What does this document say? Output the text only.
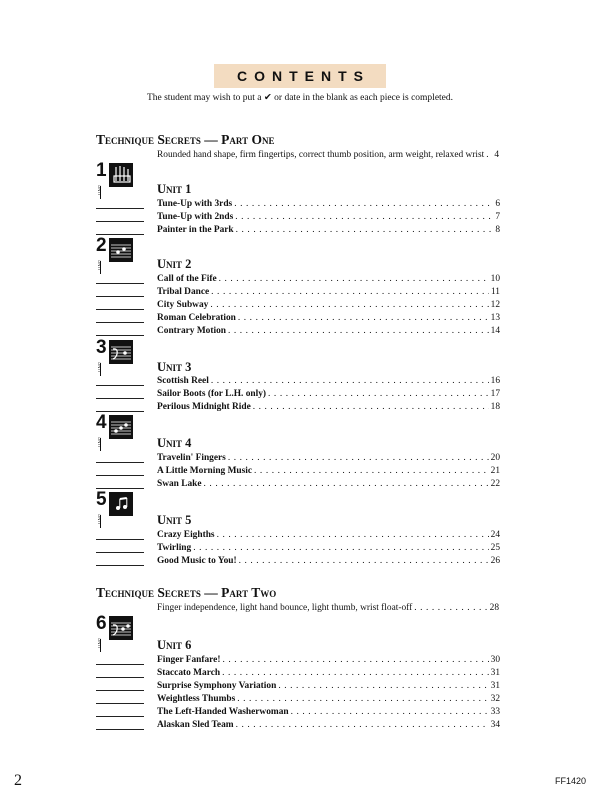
CONTENTS
The student may wish to put a ✔ or date in the blank as each piece is completed.
Technique Secrets — Part One
Rounded hand shape, firm fingertips, correct thumb position, arm weight, relaxed wrist . . . 4
1
UNIT	Unit 1
Tune-Up with 3rds . . .	6
Tune-Up with 2nds . . .	7
Painter in the Park . . .	8
2
UNIT	Unit 2
Call of the Fife . . .	10
Tribal Dance . . .	11
City Subway . . .	12
Roman Celebration . . .	13
Contrary Motion . . .	14
3
UNIT	Unit 3
Scottish Reel . . .	16
Sailor Boots (for L.H. only) . . .	17
Perilous Midnight Ride . . .	18
4
UNIT	Unit 4
Travelin' Fingers . . .	20
A Little Morning Music . . .	21
Swan Lake . . .	22
5
UNIT	Unit 5
Crazy Eighths . . .	24
Twirling . . .	25
Good Music to You! . . .	26
Technique Secrets — Part Two
Finger independence, light hand bounce, light thumb, wrist float-off . . .	28
6
UNIT	Unit 6
Finger Fanfare! . . .	30
Staccato March . . .	31
Surprise Symphony Variation . . .	31
Weightless Thumbs . . .	32
The Left-Handed Washerwoman . . .	33
Alaskan Sled Team . . .	34
2	FF1420
